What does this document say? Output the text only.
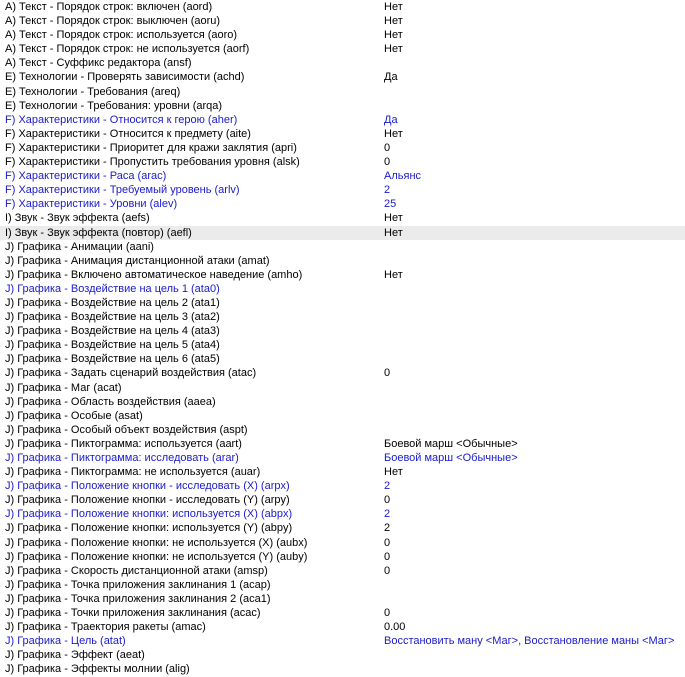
A) Текст - Порядок строк: включен (aord)	Нет
A) Текст - Порядок строк: выключен (aoru)	Нет
A) Текст - Порядок строк: используется (aoro)	Нет
A) Текст - Порядок строк: не используется (aorf)	Нет
A) Текст - Суффикс редактора (ansf)
E) Технологии - Проверять зависимости (achd)	Да
E) Технологии - Требования (areq)
E) Технологии - Требования: уровни (arqa)
F) Характеристики - Относится к герою (aher)	Да
F) Характеристики - Относится к предмету (aite)	Нет
F) Характеристики - Приоритет для кражи заклятия (apri)	0
F) Характеристики - Пропустить требования уровня (alsk)	0
F) Характеристики - Раса (arac)	Альянс
F) Характеристики - Требуемый уровень (arlv)	2
F) Характеристики - Уровни (alev)	25
I) Звук - Звук эффекта (aefs)	Нет
I) Звук - Звук эффекта (повтор) (aefl)	Нет
J) Графика - Анимации (aani)
J) Графика - Анимация дистанционной атаки (amat)
J) Графика - Включено автоматическое наведение (amho)	Нет
J) Графика - Воздействие на цель 1 (ata0)
J) Графика - Воздействие на цель 2 (ata1)
J) Графика - Воздействие на цель 3 (ata2)
J) Графика - Воздействие на цель 4 (ata3)
J) Графика - Воздействие на цель 5 (ata4)
J) Графика - Воздействие на цель 6 (ata5)
J) Графика - Задать сценарий воздействия (atac)	0
J) Графика - Маг (acat)
J) Графика - Область воздействия (aaea)
J) Графика - Особые (asat)
J) Графика - Особый объект воздействия (aspt)
J) Графика - Пиктограмма: используется (aart)	Боевой марш <Обычные>
J) Графика - Пиктограмма: исследовать (arar)	Боевой марш <Обычные>
J) Графика - Пиктограмма: не используется (auar)	Нет
J) Графика - Положение кнопки - исследовать (X) (arpx)	2
J) Графика - Положение кнопки - исследовать (Y) (arpy)	0
J) Графика - Положение кнопки: используется (X) (abpx)	2
J) Графика - Положение кнопки: используется (Y) (abpy)	2
J) Графика - Положение кнопки: не используется (X) (aubx)	0
J) Графика - Положение кнопки: не используется (Y) (auby)	0
J) Графика - Скорость дистанционной атаки (amsp)	0
J) Графика - Точка приложения заклинания 1 (acap)
J) Графика - Точка приложения заклинания 2 (aca1)
J) Графика - Точки приложения заклинания (acac)	0
J) Графика - Траектория ракеты (amac)	0.00
J) Графика - Цель (atat)	Восстановить ману <Маг>, Восстановление маны <Маг>
J) Графика - Эффект (aeat)
J) Графика - Эффекты молнии (alig)
